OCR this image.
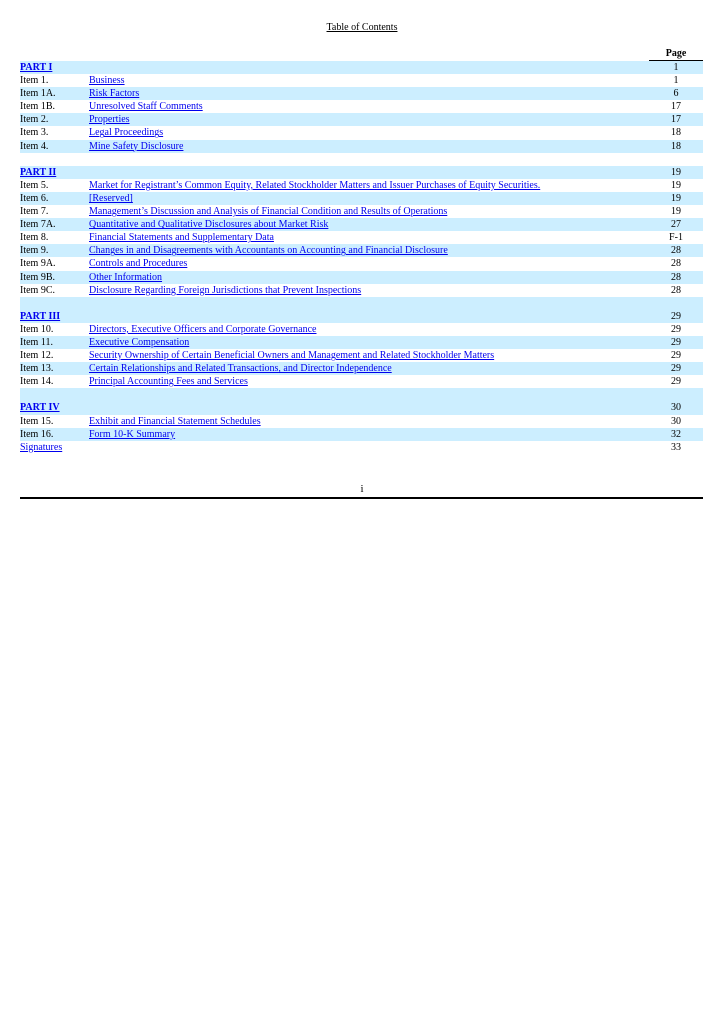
Table of Contents
Page
PART I	1
Item 1.	Business	1
Item 1A.	Risk Factors	6
Item 1B.	Unresolved Staff Comments	17
Item 2.	Properties	17
Item 3.	Legal Proceedings	18
Item 4.	Mine Safety Disclosure	18
PART II	19
Item 5.	Market for Registrant’s Common Equity, Related Stockholder Matters and Issuer Purchases of Equity Securities.	19
Item 6.	[Reserved]	19
Item 7.	Management’s Discussion and Analysis of Financial Condition and Results of Operations	19
Item 7A.	Quantitative and Qualitative Disclosures about Market Risk	27
Item 8.	Financial Statements and Supplementary Data	F-1
Item 9.	Changes in and Disagreements with Accountants on Accounting and Financial Disclosure	28
Item 9A.	Controls and Procedures	28
Item 9B.	Other Information	28
Item 9C.	Disclosure Regarding Foreign Jurisdictions that Prevent Inspections	28
PART III	29
Item 10.	Directors, Executive Officers and Corporate Governance	29
Item 11.	Executive Compensation	29
Item 12.	Security Ownership of Certain Beneficial Owners and Management and Related Stockholder Matters	29
Item 13.	Certain Relationships and Related Transactions, and Director Independence	29
Item 14.	Principal Accounting Fees and Services	29
PART IV	30
Item 15.	Exhibit and Financial Statement Schedules	30
Item 16.	Form 10-K Summary	32
Signatures	33
i
